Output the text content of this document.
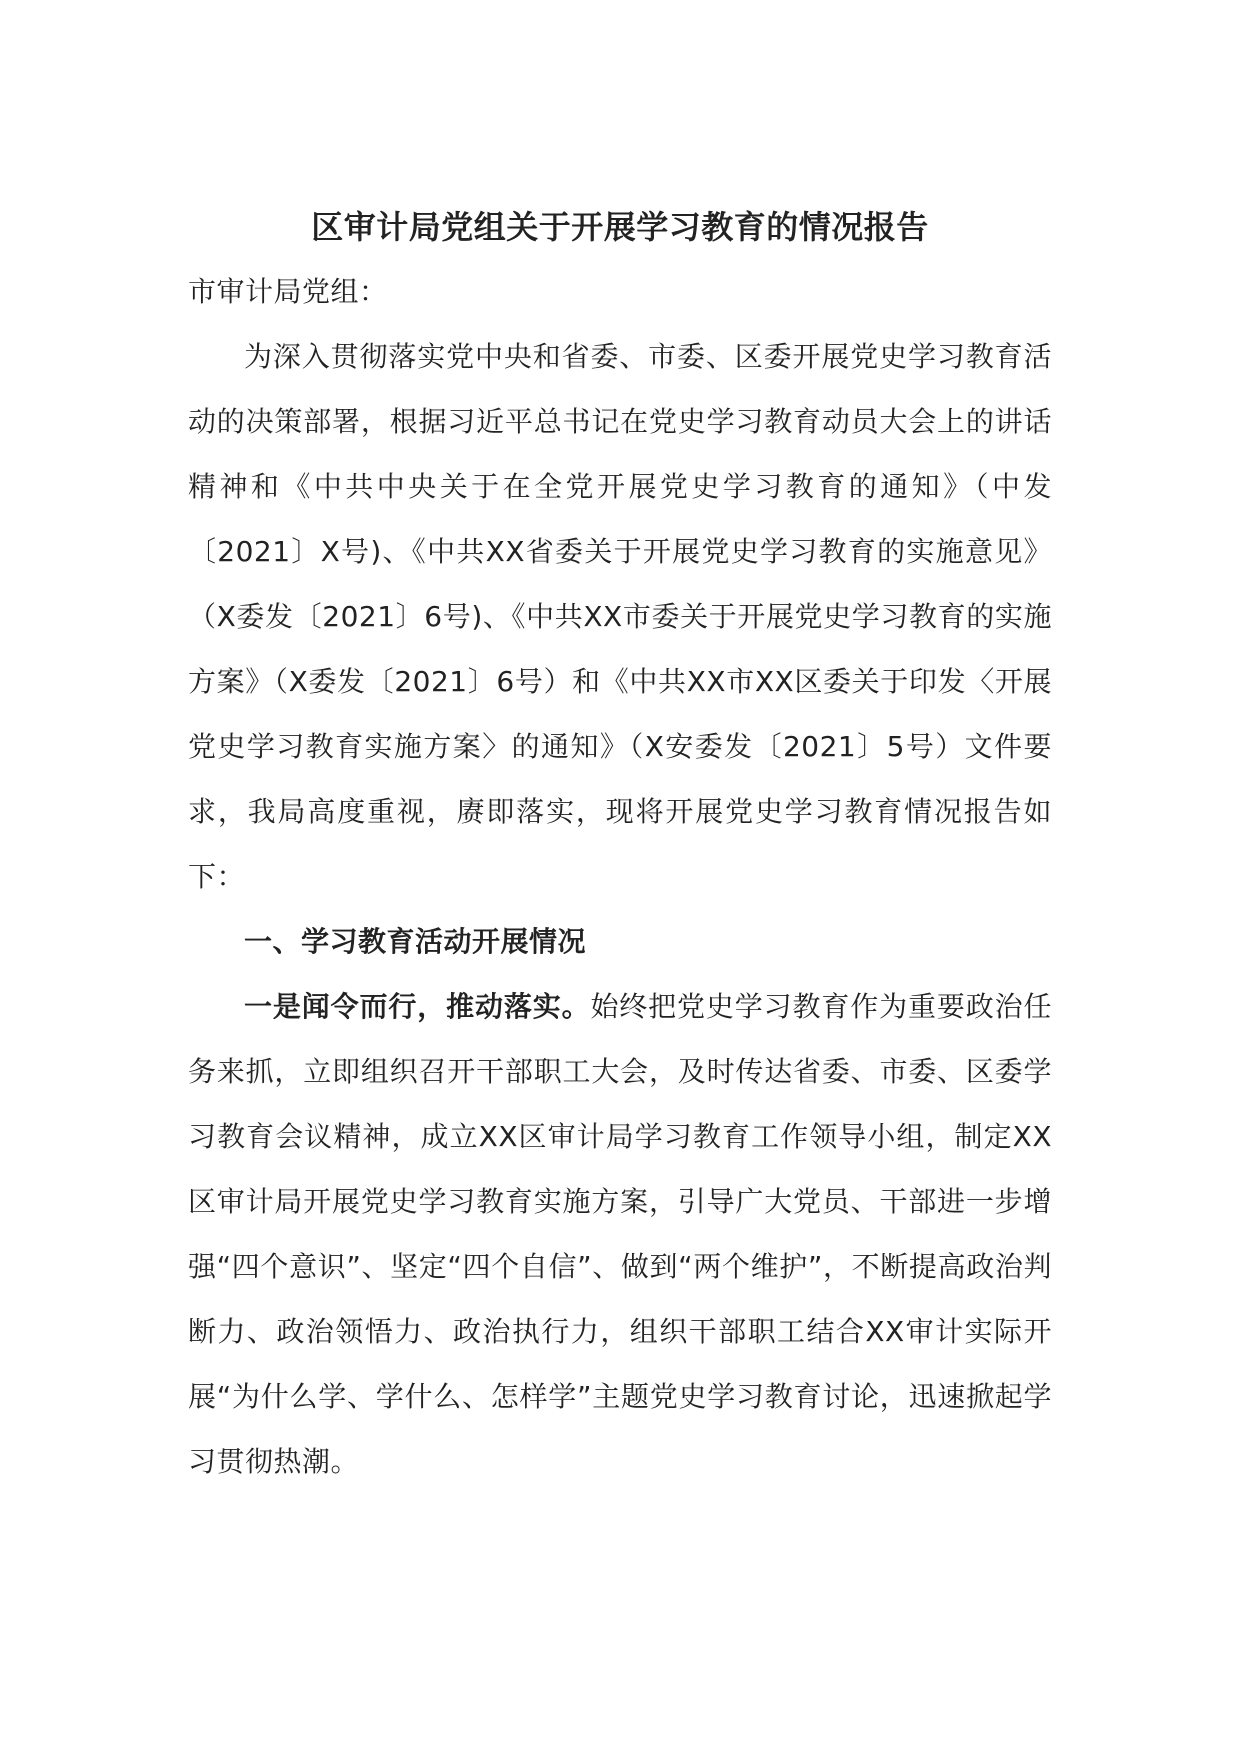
区审计局党组关于开展学习教育的情况报告

市审计局党组：

为深入贯彻落实党中央和省委、市委、区委开展党史学习教育活动的决策部署，根据习近平总书记在党史学习教育动员大会上的讲话精神和《中共中央关于在全党开展党史学习教育的通知》（中发〔2021〕X号)、《中共XX省委关于开展党史学习教育的实施意见》（X委发〔2021〕6号)、《中共XX市委关于开展党史学习教育的实施方案》（X委发〔2021〕6号）和《中共XX市XX区委关于印发〈开展党史学习教育实施方案〉的通知》（X安委发〔2021〕5号）文件要求，我局高度重视，赓即落实，现将开展党史学习教育情况报告如下：

一、学习教育活动开展情况

一是闻令而行，推动落实。始终把党史学习教育作为重要政治任务来抓，立即组织召开干部职工大会，及时传达省委、市委、区委学习教育会议精神，成立XX区审计局学习教育工作领导小组，制定XX区审计局开展党史学习教育实施方案，引导广大党员、干部进一步增强“四个意识”、坚定“四个自信”、做到“两个维护”，不断提高政治判断力、政治领悟力、政治执行力，组织干部职工结合XX审计实际开展“为什么学、学什么、怎样学”主题党史学习教育讨论，迅速掀起学习贯彻热潮。
